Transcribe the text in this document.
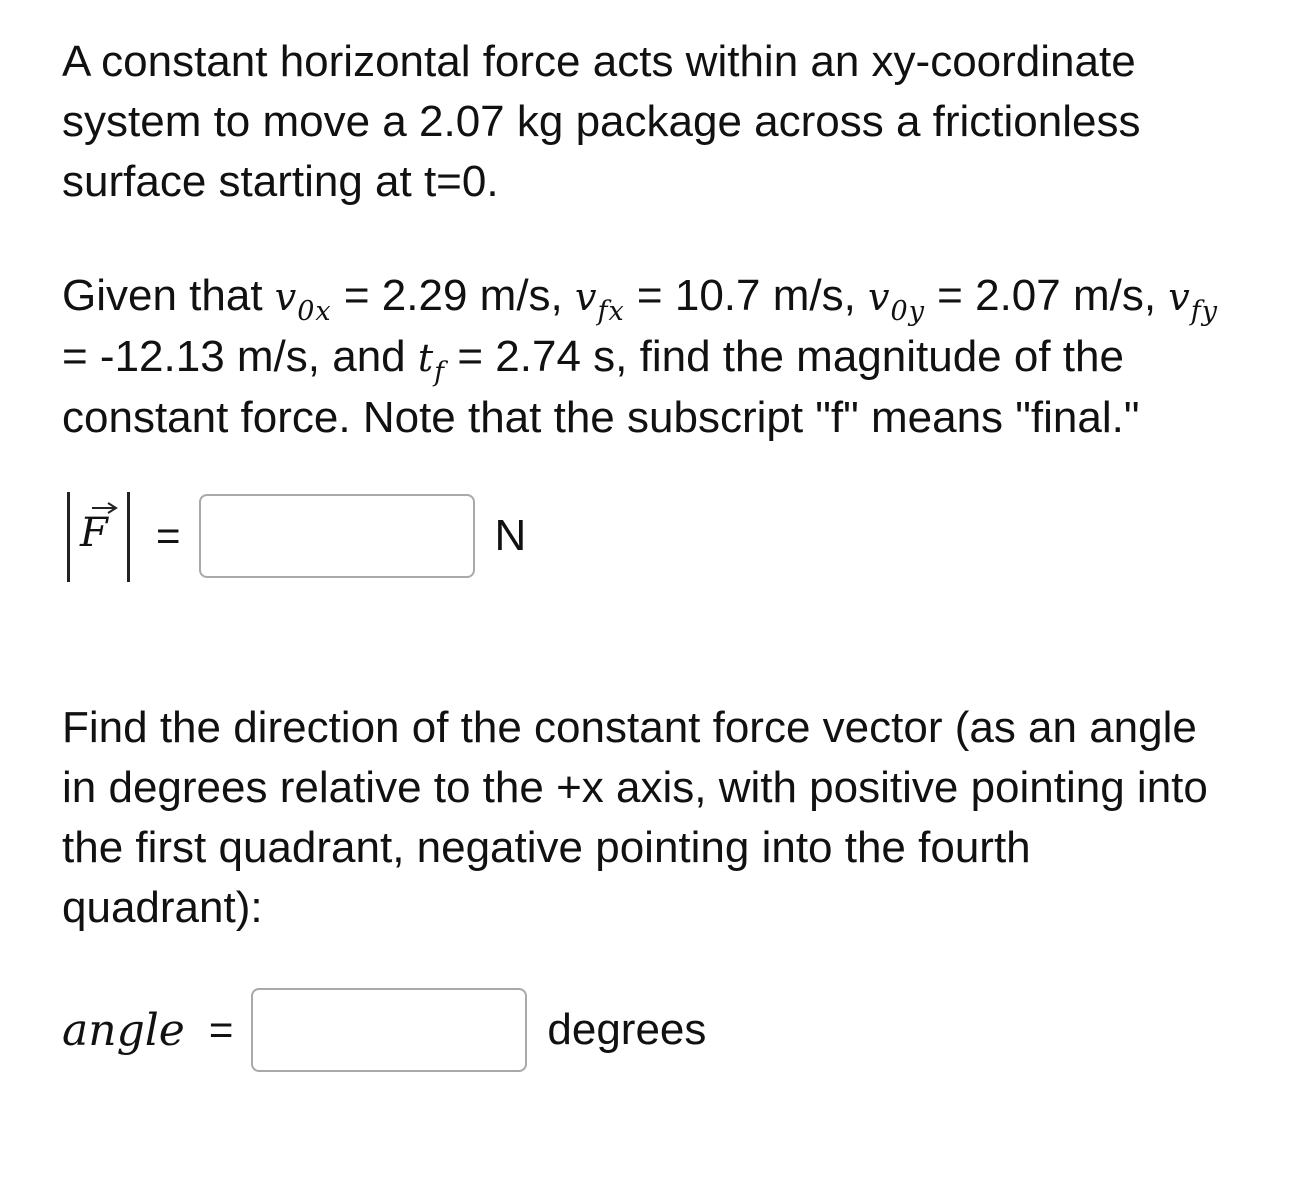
A constant horizontal force acts within an xy-coordinate system to move a 2.07 kg package across a frictionless surface starting at t=0.

Given that $v_{0x} = 2.29$ m/s, $v_{fx} = 10.7$ m/s, $v_{0y} = 2.07$ m/s, $v_{fy} = -12.13$ m/s, and $t_f = 2.74$ s, find the magnitude of the constant force. Note that the subscript "f" means "final."

F =	N

Find the direction of the constant force vector (as an angle in degrees relative to the +x axis, with positive pointing into the first quadrant, negative pointing into the fourth quadrant):

angle =	degrees
